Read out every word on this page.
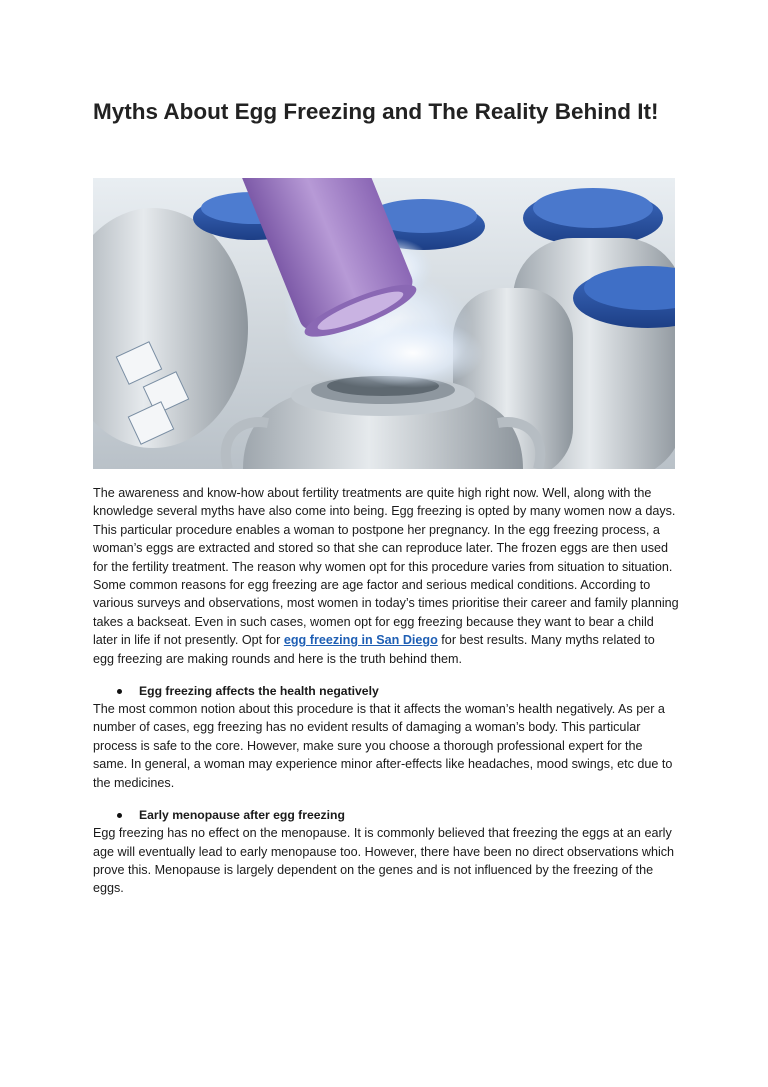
Myths About Egg Freezing and The Reality Behind It!

The awareness and know-how about fertility treatments are quite high right now. Well, along with the knowledge several myths have also come into being. Egg freezing is opted by many women now a days. This particular procedure enables a woman to postpone her pregnancy. In the egg freezing process, a woman’s eggs are extracted and stored so that she can reproduce later. The frozen eggs are then used for the fertility treatment. The reason why women opt for this procedure varies from situation to situation. Some common reasons for egg freezing are age factor and serious medical conditions. According to various surveys and observations, most women in today’s times prioritise their career and family planning takes a backseat. Even in such cases, women opt for egg freezing because they want to bear a child later in life if not presently. Opt for egg freezing in San Diego for best results. Many myths related to egg freezing are making rounds and here is the truth behind them.

Egg freezing affects the health negatively

The most common notion about this procedure is that it affects the woman’s health negatively. As per a number of cases, egg freezing has no evident results of damaging a woman’s body. This particular process is safe to the core. However, make sure you choose a thorough professional expert for the same. In general, a woman may experience minor after-effects like headaches, mood swings, etc due to the medicines.

Early menopause after egg freezing

Egg freezing has no effect on the menopause. It is commonly believed that freezing the eggs at an early age will eventually lead to early menopause too. However, there have been no direct observations which prove this. Menopause is largely dependent on the genes and is not influenced by the freezing of the eggs.
